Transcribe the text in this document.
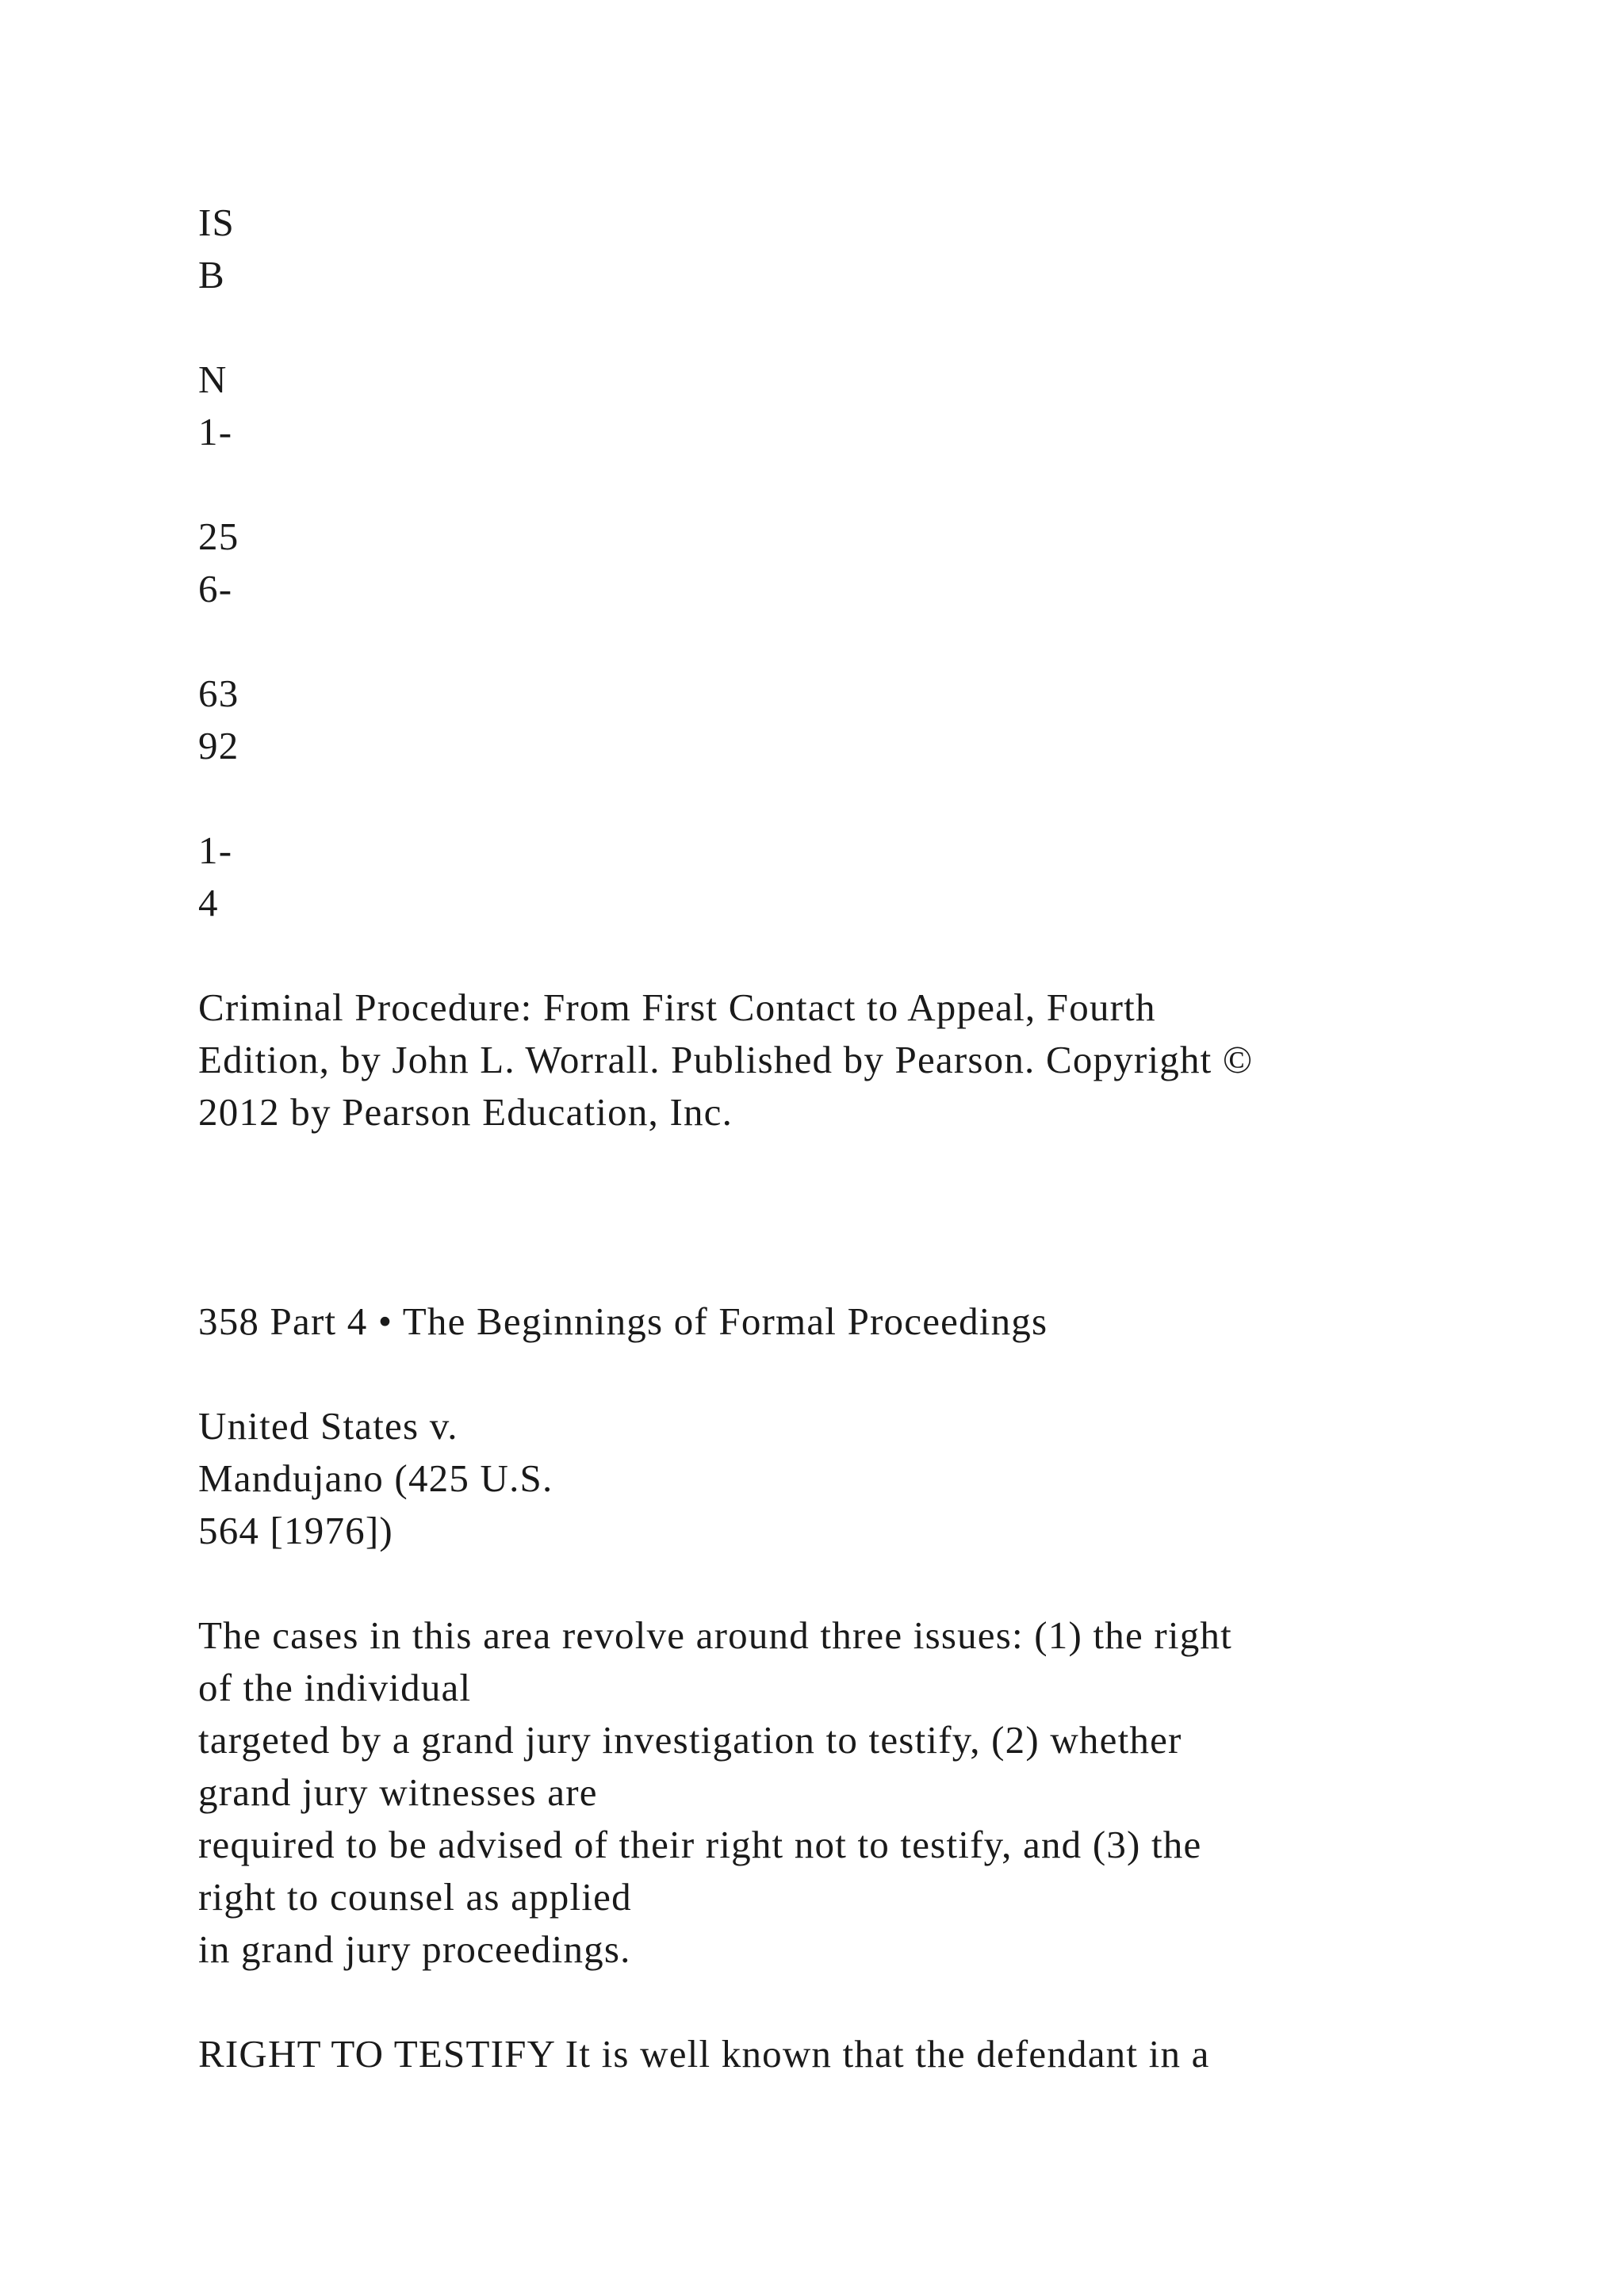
IS

B

N

1-

25

6-

63

92

1-

4

Criminal Procedure: From First Contact to Appeal, Fourth

Edition, by John L. Worrall. Published by Pearson. Copyright ©

2012 by Pearson Education, Inc.

358 Part 4 • The Beginnings of Formal Proceedings

United States v.

Mandujano (425 U.S.

564 [1976])

The cases in this area revolve around three issues: (1) the right

of the individual

targeted by a grand jury investigation to testify, (2) whether

grand jury witnesses are

required to be advised of their right not to testify, and (3) the

right to counsel as applied

in grand jury proceedings.

RIGHT TO TESTIFY It is well known that the defendant in a
